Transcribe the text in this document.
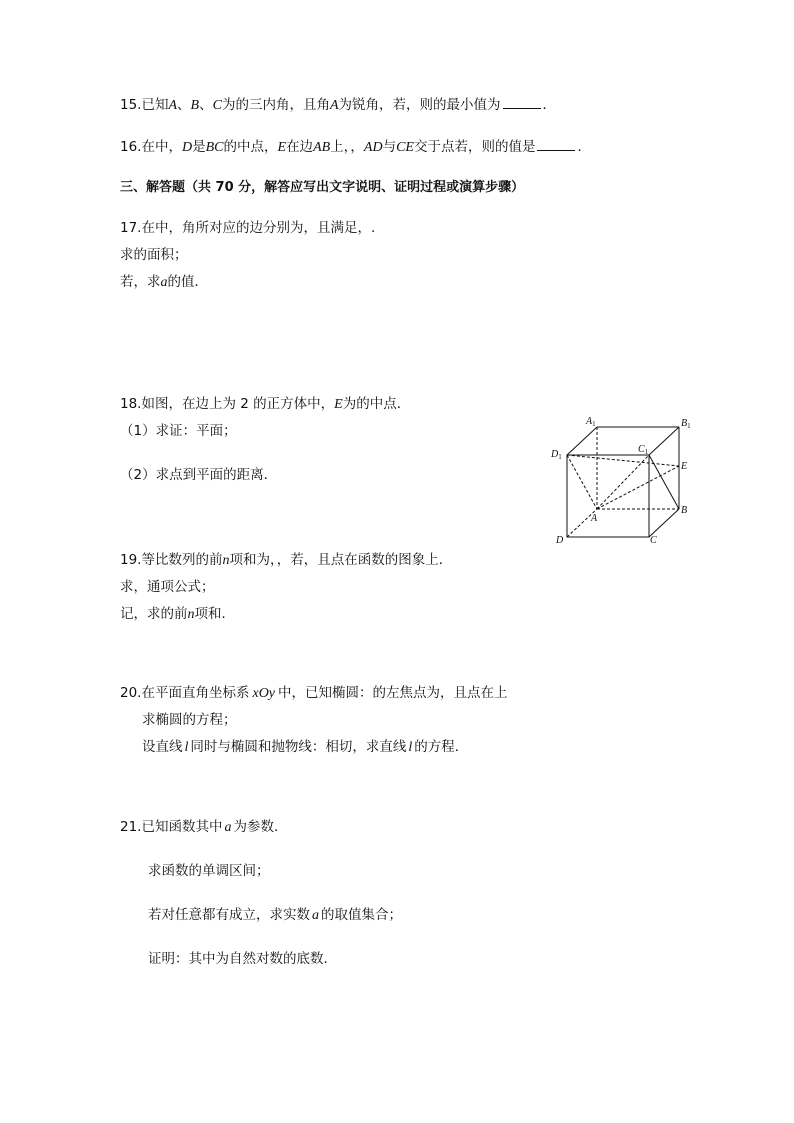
15.已知A、B、C为的三内角，且角A为锐角，若，则的最小值为	．
16.在中，D是BC的中点，E在边AB上，，AD与CE交于点若，则的值是	．
三、解答题（共 70 分，解答应写出文字说明、证明过程或演算步骤）
17.在中，角所对应的边分别为，且满足，.
求的面积；
若，求a的值．
18.如图，在边上为 2 的正方体中，E为的中点．
（1）求证：平面；
（2）求点到平面的距离．
$A_1$	$B_1$
$C_1$
$D_1$
E
A
B
C
D
19.等比数列的前n项和为，，若，且点在函数的图象上．
求，通项公式；
记，求的前n项和．
20.在平面直角坐标系 xOy 中，已知椭圆：的左焦点为，且点在上
求椭圆的方程；
设直线 l 同时与椭圆和抛物线：相切，求直线 l 的方程．
21.已知函数其中 a 为参数．
求函数的单调区间；
若对任意都有成立，求实数 a 的取值集合；
证明：其中为自然对数的底数．
